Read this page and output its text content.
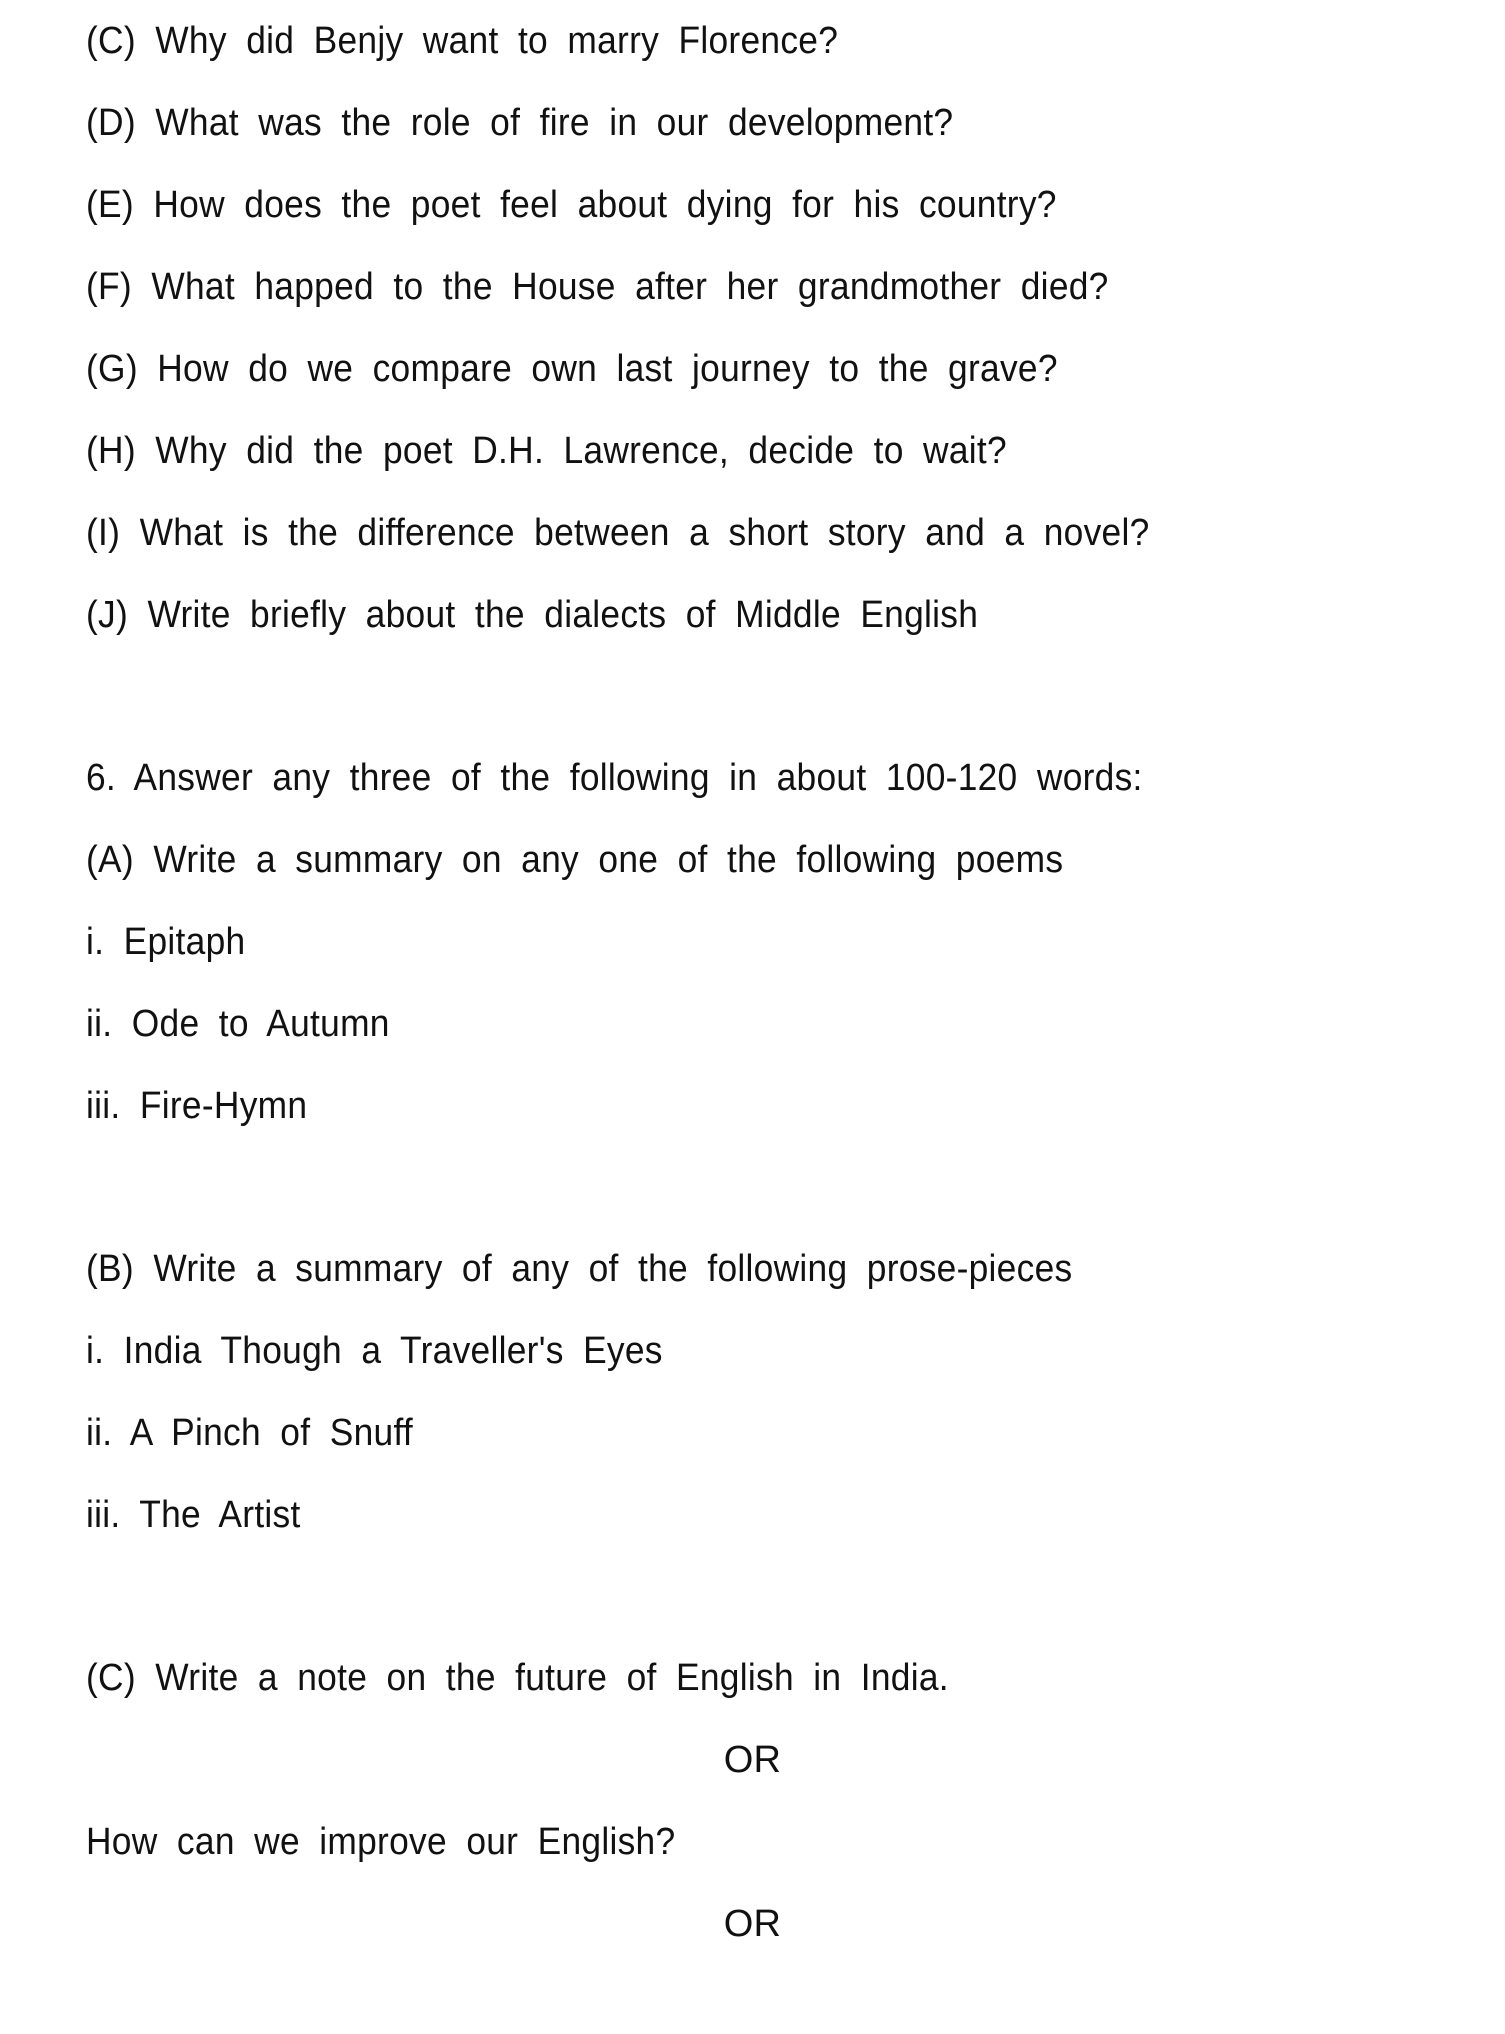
(C) Why did Benjy want to marry Florence?
(D) What was the role of fire in our development?
(E) How does the poet feel about dying for his country?
(F) What happed to the House after her grandmother died?
(G) How do we compare own last journey to the grave?
(H) Why did the poet D.H. Lawrence, decide to wait?
(I) What is the difference between a short story and a novel?
(J) Write briefly about the dialects of Middle English
6. Answer any three of the following in about 100-120 words:
(A) Write a summary on any one of the following poems
i. Epitaph
ii. Ode to Autumn
iii. Fire-Hymn
(B) Write a summary of any of the following prose-pieces
i. India Though a Traveller's Eyes
ii. A Pinch of Snuff
iii. The Artist
(C) Write a note on the future of English in India.
OR
How can we improve our English?
OR
